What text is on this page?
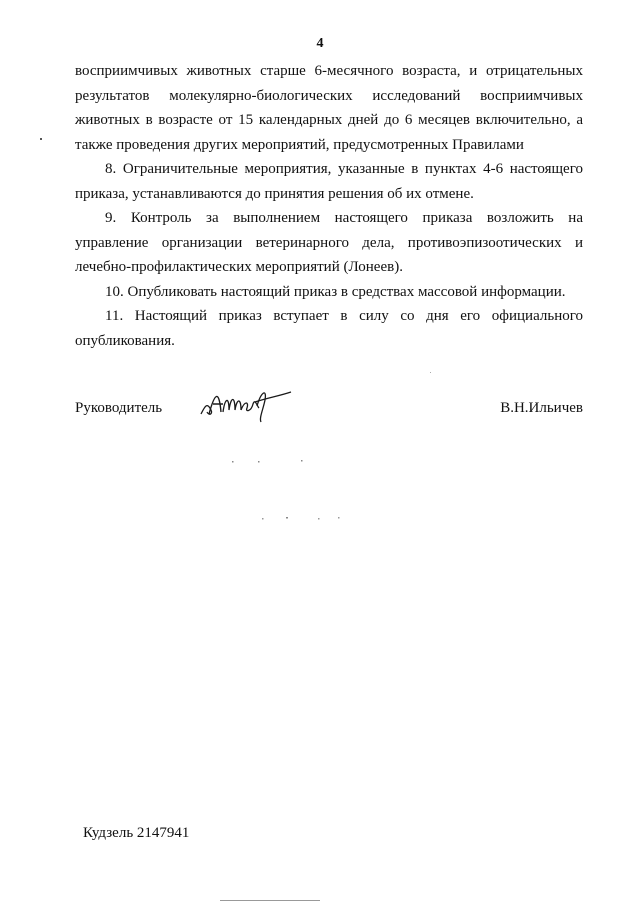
4

восприимчивых животных старше 6-месячного возраста, и отрицательных результатов молекулярно-биологических исследований восприимчивых животных в возрасте от 15 календарных дней до 6 месяцев включительно, а также проведения других мероприятий, предусмотренных Правилами

8. Ограничительные мероприятия, указанные в пунктах 4-6 настоящего приказа, устанавливаются до принятия решения об их отмене.

9. Контроль за выполнением настоящего приказа возложить на управление организации ветеринарного дела, противоэпизоотических и лечебно-профилактических мероприятий (Лонеев).

10. Опубликовать настоящий приказ в средствах массовой информации.

11. Настоящий приказ вступает в силу со дня его официального опубликования.

Руководитель	В.Н.Ильичев
Кудзель 2147941
